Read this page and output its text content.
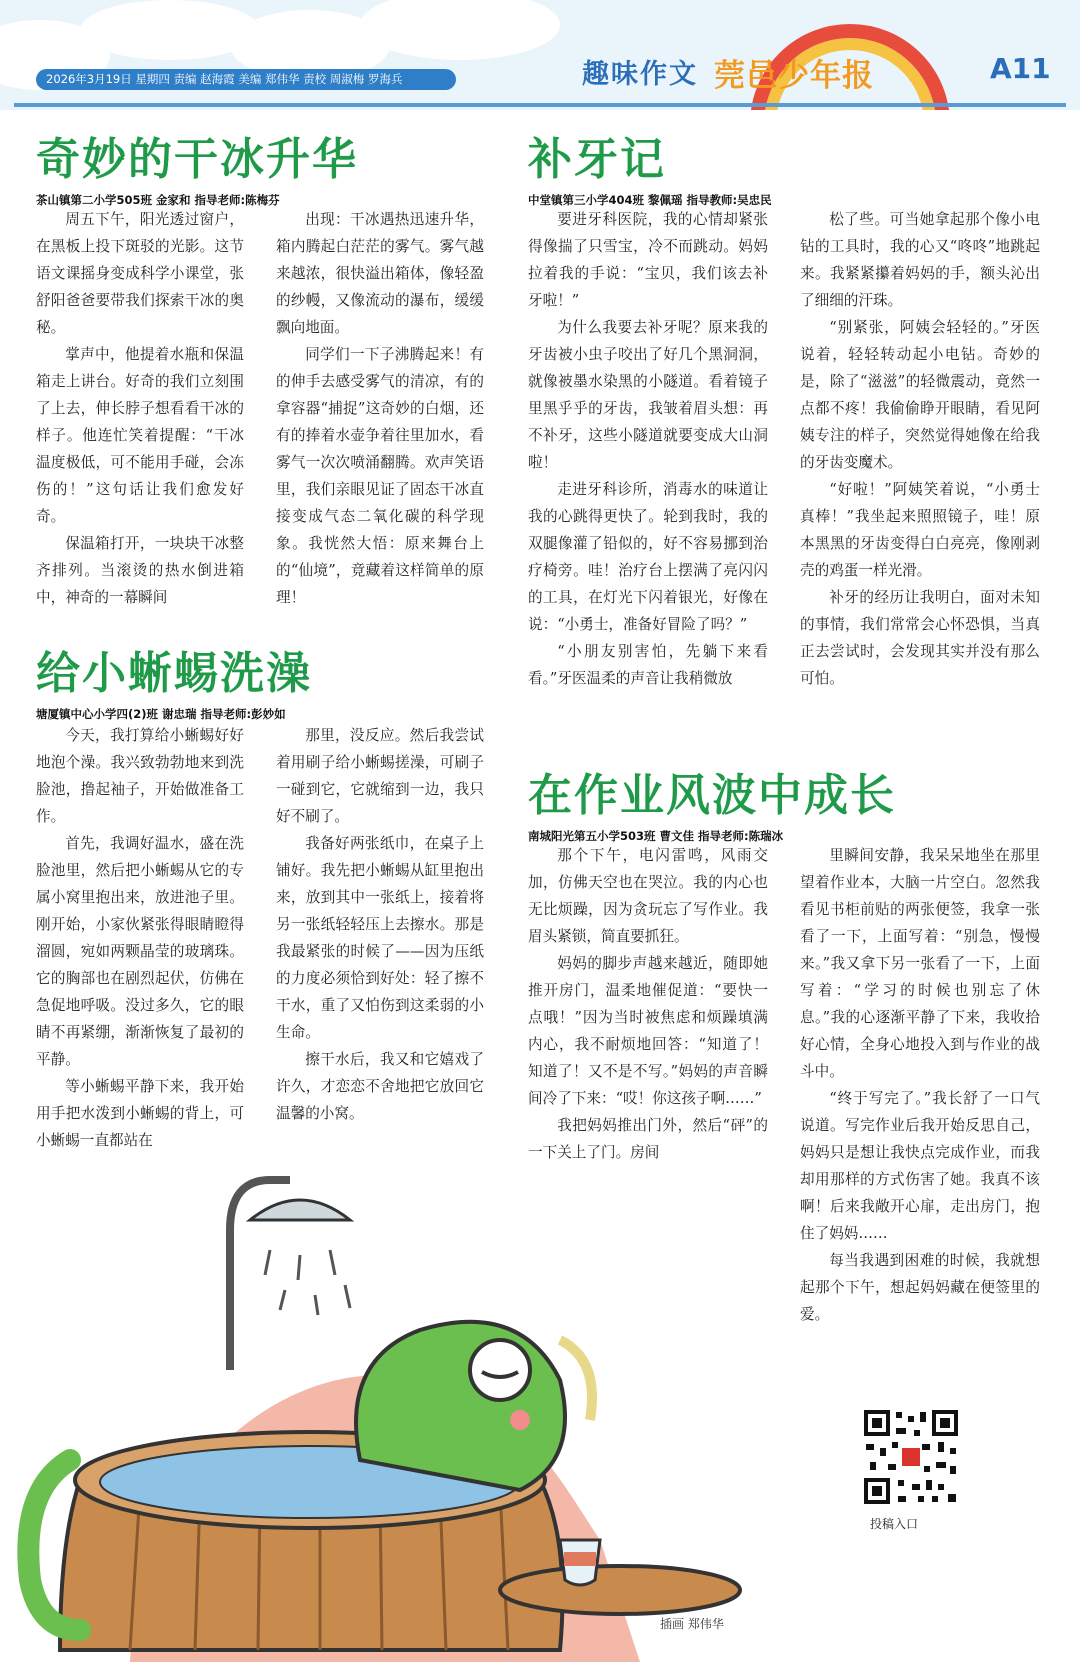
2026年3月19日 星期四 责编 赵海霞 美编 郑伟华 责校 周淑梅 罗海兵	趣味作文 莞邑少年报	A11
奇妙的干冰升华
茶山镇第二小学505班 金家和 指导老师:陈梅芬

周五下午，阳光透过窗户，在黑板上投下斑驳的光影。这节语文课摇身变成科学小课堂，张舒阳爸爸要带我们探索干冰的奥秘。

掌声中，他提着水瓶和保温箱走上讲台。好奇的我们立刻围了上去，伸长脖子想看看干冰的样子。他连忙笑着提醒：“干冰温度极低，可不能用手碰，会冻伤的！”这句话让我们愈发好奇。

保温箱打开，一块块干冰整齐排列。当滚烫的热水倒进箱中，神奇的一幕瞬间

出现：干冰遇热迅速升华，箱内腾起白茫茫的雾气。雾气越来越浓，很快溢出箱体，像轻盈的纱幔，又像流动的瀑布，缓缓飘向地面。

同学们一下子沸腾起来！有的伸手去感受雾气的清凉，有的拿容器“捕捉”这奇妙的白烟，还有的捧着水壶争着往里加水，看雾气一次次喷涌翻腾。欢声笑语里，我们亲眼见证了固态干冰直接变成气态二氧化碳的科学现象。我恍然大悟：原来舞台上的“仙境”，竟藏着这样简单的原理！

给小蜥蜴洗澡
塘厦镇中心小学四(2)班 谢忠瑞 指导老师:彭妙如

今天，我打算给小蜥蜴好好地泡个澡。我兴致勃勃地来到洗脸池，撸起袖子，开始做准备工作。

首先，我调好温水，盛在洗脸池里，然后把小蜥蜴从它的专属小窝里抱出来，放进池子里。刚开始，小家伙紧张得眼睛瞪得溜圆，宛如两颗晶莹的玻璃珠。它的胸部也在剧烈起伏，仿佛在急促地呼吸。没过多久，它的眼睛不再紧绷，渐渐恢复了最初的平静。

等小蜥蜴平静下来，我开始用手把水泼到小蜥蜴的背上，可小蜥蜴一直都站在

那里，没反应。然后我尝试着用刷子给小蜥蜴搓澡，可刷子一碰到它，它就缩到一边，我只好不刷了。

我备好两张纸巾，在桌子上铺好。我先把小蜥蜴从缸里抱出来，放到其中一张纸上，接着将另一张纸轻轻压上去擦水。那是我最紧张的时候了——因为压纸的力度必须恰到好处：轻了擦不干水，重了又怕伤到这柔弱的小生命。

擦干水后，我又和它嬉戏了许久，才恋恋不舍地把它放回它温馨的小窝。

补牙记
中堂镇第三小学404班 黎佩瑶 指导教师:吴忠民

要进牙科医院，我的心情却紧张得像揣了只雪宝，冷不而跳动。妈妈拉着我的手说：“宝贝，我们该去补牙啦！”

为什么我要去补牙呢？原来我的牙齿被小虫子咬出了好几个黑洞洞，就像被墨水染黑的小隧道。看着镜子里黑乎乎的牙齿，我皱着眉头想：再不补牙，这些小隧道就要变成大山洞啦！

走进牙科诊所，消毒水的味道让我的心跳得更快了。轮到我时，我的双腿像灌了铅似的，好不容易挪到治疗椅旁。哇！治疗台上摆满了亮闪闪的工具，在灯光下闪着银光，好像在说：“小勇士，准备好冒险了吗？”

“小朋友别害怕，先躺下来看看。”牙医温柔的声音让我稍微放

松了些。可当她拿起那个像小电钻的工具时，我的心又“咚咚”地跳起来。我紧紧攥着妈妈的手，额头沁出了细细的汗珠。

“别紧张，阿姨会轻轻的。”牙医说着，轻轻转动起小电钻。奇妙的是，除了“滋滋”的轻微震动，竟然一点都不疼！我偷偷睁开眼睛，看见阿姨专注的样子，突然觉得她像在给我的牙齿变魔术。

“好啦！”阿姨笑着说，“小勇士真棒！”我坐起来照照镜子，哇！原本黑黑的牙齿变得白白亮亮，像刚剥壳的鸡蛋一样光滑。

补牙的经历让我明白，面对未知的事情，我们常常会心怀恐惧，当真正去尝试时，会发现其实并没有那么可怕。

在作业风波中成长
南城阳光第五小学503班 曹文佳 指导老师:陈瑞冰

那个下午，电闪雷鸣，风雨交加，仿佛天空也在哭泣。我的内心也无比烦躁，因为贪玩忘了写作业。我眉头紧锁，简直要抓狂。

妈妈的脚步声越来越近，随即她推开房门，温柔地催促道：“要快一点哦！”因为当时被焦虑和烦躁填满内心，我不耐烦地回答：“知道了！知道了！又不是不写。”妈妈的声音瞬间冷了下来：“哎！你这孩子啊……”

我把妈妈推出门外，然后“砰”的一下关上了门。房间

里瞬间安静，我呆呆地坐在那里望着作业本，大脑一片空白。忽然我看见书柜前贴的两张便签，我拿一张看了一下，上面写着：“别急，慢慢来。”我又拿下另一张看了一下，上面写着：“学习的时候也别忘了休息。”我的心逐渐平静了下来，我收拾好心情，全身心地投入到与作业的战斗中。

“终于写完了。”我长舒了一口气说道。写完作业后我开始反思自己，妈妈只是想让我快点完成作业，而我却用那样的方式伤害了她。我真不该啊！后来我敞开心扉，走出房门，抱住了妈妈……

每当我遇到困难的时候，我就想起那个下午，想起妈妈藏在便签里的爱。

插画 郑伟华
投稿入口
